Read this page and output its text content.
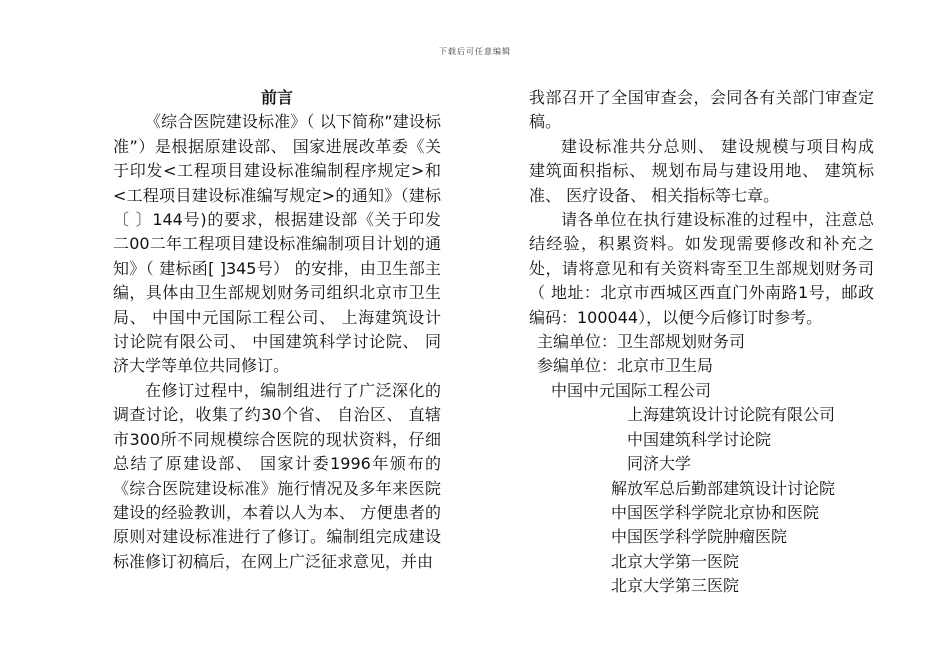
下载后可任意编辑

前言

《综合医院建设标准》（ 以下简称”建设标准”）是根据原建设部、 国家进展改革委《关于印发<工程项目建设标准编制程序规定>和<工程项目建设标准编写规定>的通知》（建标〔 〕144号)的要求，根据建设部《关于印发二00二年工程项目建设标准编制项目计划的通知》（ 建标函[ ]345号） 的安排，由卫生部主编，具体由卫生部规划财务司组织北京市卫生局、 中国中元国际工程公司、 上海建筑设计讨论院有限公司、 中国建筑科学讨论院、 同济大学等单位共同修订。

在修订过程中，编制组进行了广泛深化的调查讨论，收集了约30个省、 自治区、 直辖市300所不同规模综合医院的现状资料，仔细总结了原建设部、 国家计委1996年颁布的《综合医院建设标准》施行情况及多年来医院建设的经验教训，本着以人为本、 方便患者的原则对建设标准进行了修订。编制组完成建设标准修订初稿后，在网上广泛征求意见，并由

我部召开了全国审查会，会同各有关部门审查定稿。

建设标准共分总则、 建设规模与项目构成 建筑面积指标、 规划布局与建设用地、 建筑标准、 医疗设备、 相关指标等七章。

请各单位在执行建设标准的过程中，注意总结经验，积累资料。如发现需要修改和补充之处，请将意见和有关资料寄至卫生部规划财务司（ 地址：北京市西城区西直门外南路1号，邮政编码：100044），以便今后修订时参考。

主编单位：卫生部规划财务司

参编单位：北京市卫生局

中国中元国际工程公司

上海建筑设计讨论院有限公司

中国建筑科学讨论院

同济大学

解放军总后勤部建筑设计讨论院

中国医学科学院北京协和医院

中国医学科学院肿瘤医院

北京大学第一医院

北京大学第三医院
